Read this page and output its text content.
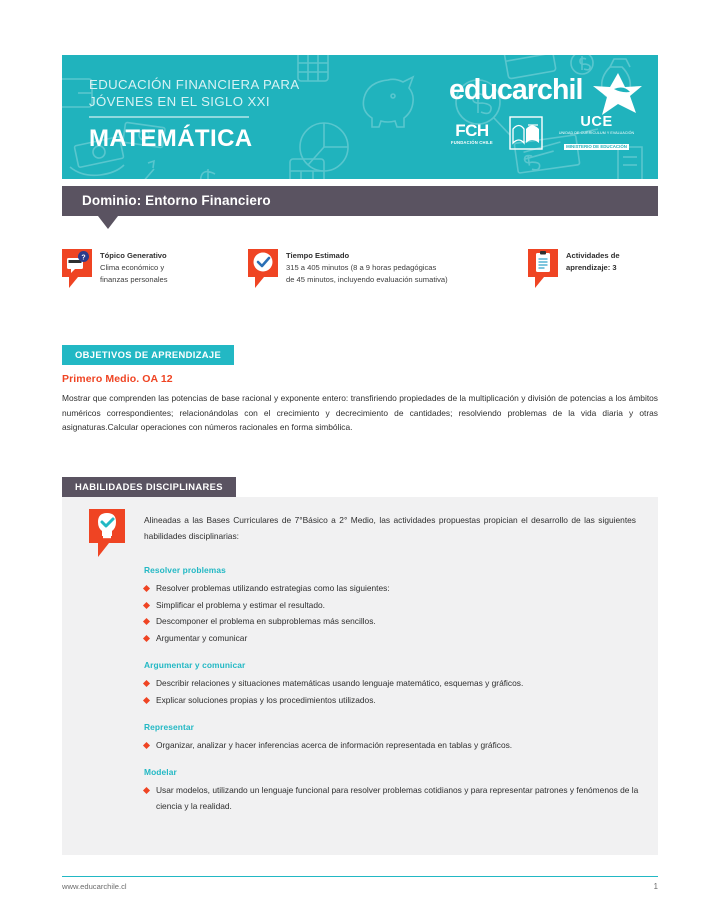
EDUCACIÓN FINANCIERA PARA
JÓVENES EN EL SIGLO XXI
MATEMÁTICA
educarchil
FCH
FUNDACIÓN CHILE
UCE
UNIDAD DE CURRÍCULUM Y EVALUACIÓN
MINISTERIO DE EDUCACIÓN
Dominio: Entorno Financiero
? Tópico Generativo
Clima económico y
finanzas personales
Tiempo Estimado
315 a 405 minutos (8 a 9 horas pedagógicas
de 45 minutos, incluyendo evaluación sumativa)
Actividades de
aprendizaje: 3
OBJETIVOS DE APRENDIZAJE
Primero Medio. OA 12
Mostrar que comprenden las potencias de base racional y exponente entero: transfiriendo propiedades de la multiplicación y división de potencias a los ámbitos numéricos correspondientes; relacionándolas con el crecimiento y decrecimiento de cantidades; resolviendo problemas de la vida diaria y otras asignaturas.Calcular operaciones con números racionales en forma simbólica.
HABILIDADES DISCIPLINARES
Alineadas a las Bases Curriculares de 7°Básico a 2° Medio, las actividades propuestas propician el desarrollo de las siguientes habilidades disciplinarias:
Resolver problemas
Resolver problemas utilizando estrategias como las siguientes:
Simplificar el problema y estimar el resultado.
Descomponer el problema en subproblemas más sencillos.
Argumentar y comunicar
Argumentar y comunicar
Describir relaciones y situaciones matemáticas usando lenguaje matemático, esquemas y gráficos.
Explicar soluciones propias y los procedimientos utilizados.
Representar
Organizar, analizar y hacer inferencias acerca de información representada en tablas y gráficos.
Modelar
Usar modelos, utilizando un lenguaje funcional para resolver problemas cotidianos y para representar patrones y fenómenos de la ciencia y la realidad.
www.educarchile.cl	1
